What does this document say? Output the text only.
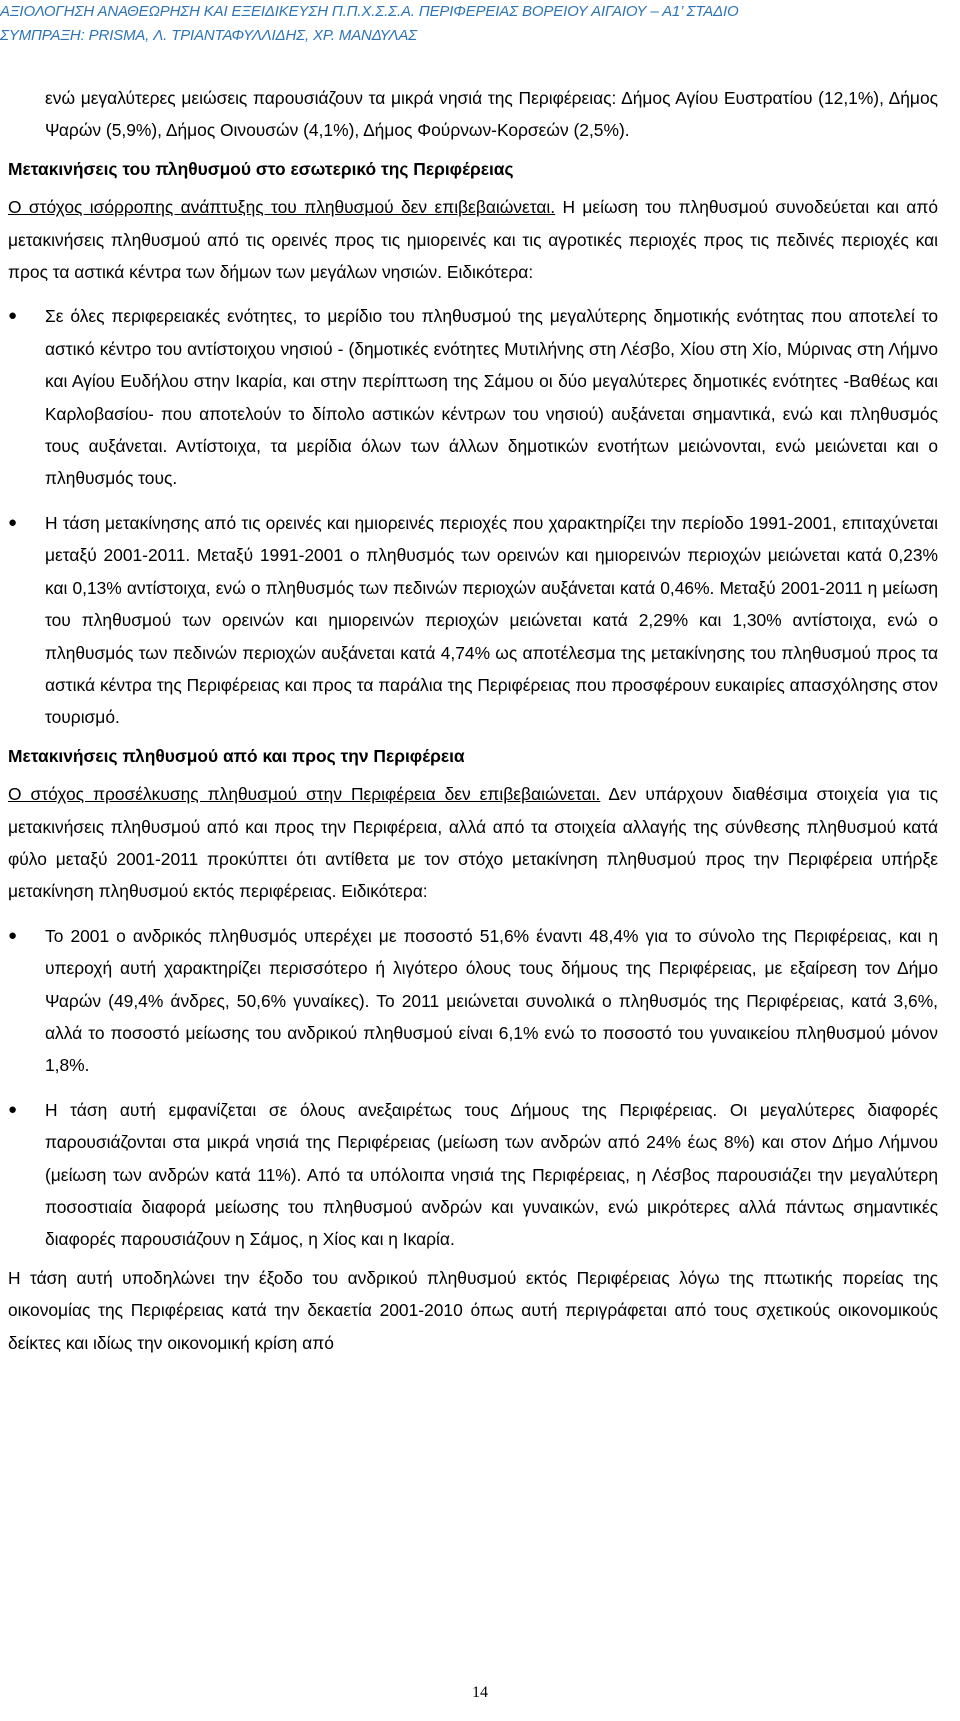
ΑΞΙΟΛΟΓΗΣΗ ΑΝΑΘΕΩΡΗΣΗ ΚΑΙ ΕΞΕΙΔΙΚΕΥΣΗ Π.Π.Χ.Σ.Σ.Α. ΠΕΡΙΦΕΡΕΙΑΣ ΒΟΡΕΙΟΥ ΑΙΓΑΙΟΥ – Α1’ ΣΤΑΔΙΟ
ΣΥΜΠΡΑΞΗ: PRISMA, Λ. ΤΡΙΑΝΤΑΦΥΛΛΙΔΗΣ, ΧΡ. ΜΑΝΔΥΛΑΣ

ενώ μεγαλύτερες μειώσεις παρουσιάζουν τα μικρά νησιά της Περιφέρειας: Δήμος Αγίου Ευστρατίου (12,1%), Δήμος Ψαρών (5,9%), Δήμος Οινουσών (4,1%), Δήμος Φούρνων-Κορσεών (2,5%).

Μετακινήσεις του πληθυσμού στο εσωτερικό της Περιφέρειας

Ο στόχος ισόρροπης ανάπτυξης του πληθυσμού δεν επιβεβαιώνεται. Η μείωση του πληθυσμού συνοδεύεται και από μετακινήσεις πληθυσμού από τις ορεινές προς τις ημιορεινές και τις αγροτικές περιοχές προς τις πεδινές περιοχές και προς τα αστικά κέντρα των δήμων των μεγάλων νησιών. Ειδικότερα:

● Σε όλες περιφερειακές ενότητες, το μερίδιο του πληθυσμού της μεγαλύτερης δημοτικής ενότητας που αποτελεί το αστικό κέντρο του αντίστοιχου νησιού - (δημοτικές ενότητες Μυτιλήνης στη Λέσβο, Χίου στη Χίο, Μύρινας στη Λήμνο και Αγίου Ευδήλου στην Ικαρία, και στην περίπτωση της Σάμου οι δύο μεγαλύτερες δημοτικές ενότητες -Βαθέως και Καρλοβασίου- που αποτελούν το δίπολο αστικών κέντρων του νησιού) αυξάνεται σημαντικά, ενώ και πληθυσμός τους αυξάνεται. Αντίστοιχα, τα μερίδια όλων των άλλων δημοτικών ενοτήτων μειώνονται, ενώ μειώνεται και ο πληθυσμός τους.
● Η τάση μετακίνησης από τις ορεινές και ημιορεινές περιοχές που χαρακτηρίζει την περίοδο 1991-2001, επιταχύνεται μεταξύ 2001-2011. Μεταξύ 1991-2001 ο πληθυσμός των ορεινών και ημιορεινών περιοχών μειώνεται κατά 0,23% και 0,13% αντίστοιχα, ενώ ο πληθυσμός των πεδινών περιοχών αυξάνεται κατά 0,46%. Μεταξύ 2001-2011 η μείωση του πληθυσμού των ορεινών και ημιορεινών περιοχών μειώνεται κατά 2,29% και 1,30% αντίστοιχα, ενώ ο πληθυσμός των πεδινών περιοχών αυξάνεται κατά 4,74% ως αποτέλεσμα της μετακίνησης του πληθυσμού προς τα αστικά κέντρα της Περιφέρειας και προς τα παράλια της Περιφέρειας που προσφέρουν ευκαιρίες απασχόλησης στον τουρισμό.
Μετακινήσεις πληθυσμού από και προς την Περιφέρεια

Ο στόχος προσέλκυσης πληθυσμού στην Περιφέρεια δεν επιβεβαιώνεται. Δεν υπάρχουν διαθέσιμα στοιχεία για τις μετακινήσεις πληθυσμού από και προς την Περιφέρεια, αλλά από τα στοιχεία αλλαγής της σύνθεσης πληθυσμού κατά φύλο μεταξύ 2001-2011 προκύπτει ότι αντίθετα με τον στόχο μετακίνηση πληθυσμού προς την Περιφέρεια υπήρξε μετακίνηση πληθυσμού εκτός περιφέρειας. Ειδικότερα:

● Το 2001 ο ανδρικός πληθυσμός υπερέχει με ποσοστό 51,6% έναντι 48,4% για το σύνολο της Περιφέρειας, και η υπεροχή αυτή χαρακτηρίζει περισσότερο ή λιγότερο όλους τους δήμους της Περιφέρειας, με εξαίρεση τον Δήμο Ψαρών (49,4% άνδρες, 50,6% γυναίκες). Το 2011 μειώνεται συνολικά ο πληθυσμός της Περιφέρειας, κατά 3,6%, αλλά το ποσοστό μείωσης του ανδρικού πληθυσμού είναι 6,1% ενώ το ποσοστό του γυναικείου πληθυσμού μόνον 1,8%.
● Η τάση αυτή εμφανίζεται σε όλους ανεξαιρέτως τους Δήμους της Περιφέρειας. Οι μεγαλύτερες διαφορές παρουσιάζονται στα μικρά νησιά της Περιφέρειας (μείωση των ανδρών από 24% έως 8%) και στον Δήμο Λήμνου (μείωση των ανδρών κατά 11%). Από τα υπόλοιπα νησιά της Περιφέρειας, η Λέσβος παρουσιάζει την μεγαλύτερη ποσοστιαία διαφορά μείωσης του πληθυσμού ανδρών και γυναικών, ενώ μικρότερες αλλά πάντως σημαντικές διαφορές παρουσιάζουν η Σάμος, η Χίος και η Ικαρία.

Η τάση αυτή υποδηλώνει την έξοδο του ανδρικού πληθυσμού εκτός Περιφέρειας λόγω της πτωτικής πορείας της οικονομίας της Περιφέρειας κατά την δεκαετία 2001-2010 όπως αυτή περιγράφεται από τους σχετικούς οικονομικούς δείκτες και ιδίως την οικονομική κρίση από

14
